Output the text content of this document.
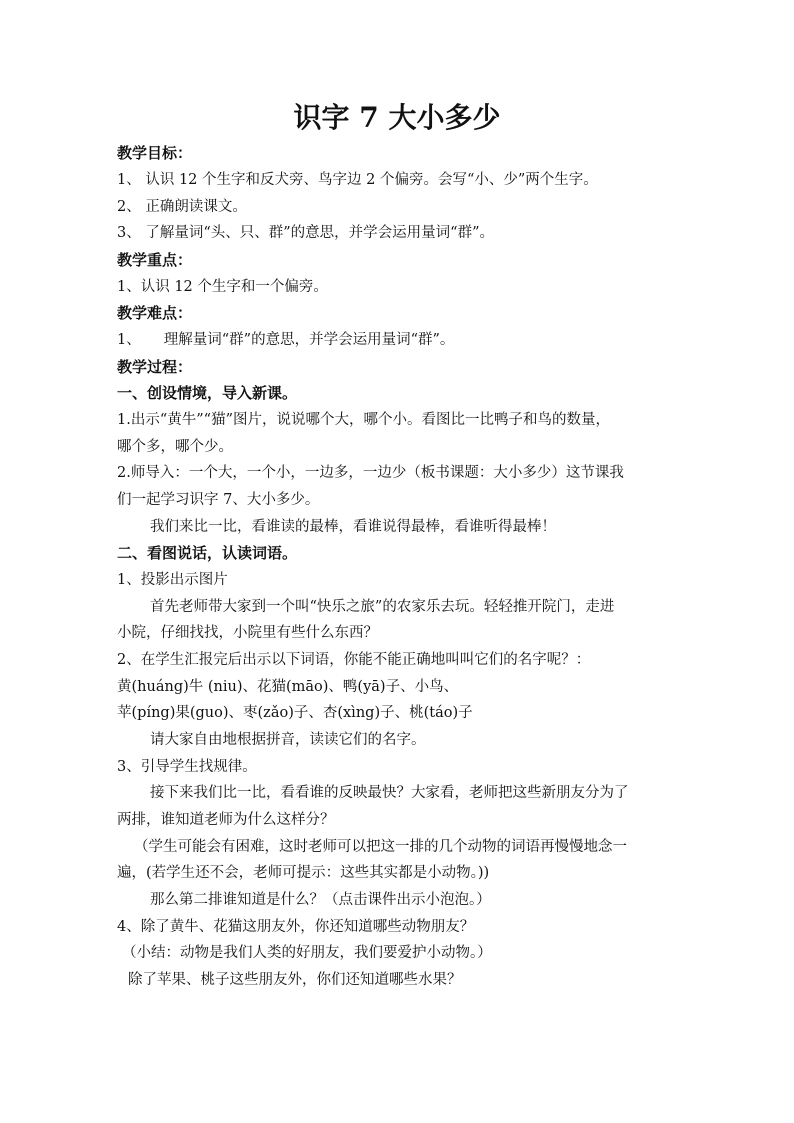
识字 7 大小多少
教学目标：
1、 认识 12 个生字和反犬旁、鸟字边 2 个偏旁。会写“小、少”两个生字。
2、 正确朗读课文。
3、 了解量词“头、只、群”的意思，并学会运用量词“群”。
教学重点：
1、认识 12 个生字和一个偏旁。
教学难点：
1、     理解量词“群”的意思，并学会运用量词“群”。
教学过程：
一、创设情境，导入新课。
1.出示“黄牛”“猫”图片，说说哪个大，哪个小。看图比一比鸭子和鸟的数量，
哪个多，哪个少。
2.师导入：一个大，一个小，一边多，一边少（板书课题：大小多少）这节课我
们一起学习识字 7、大小多少。
我们来比一比，看谁读的最棒，看谁说得最棒，看谁听得最棒！
二、看图说话，认读词语。
1、投影出示图片
首先老师带大家到一个叫“快乐之旅”的农家乐去玩。轻轻推开院门，走进
小院，仔细找找，小院里有些什么东西？
2、在学生汇报完后出示以下词语，你能不能正确地叫叫它们的名字呢？：
黄(huáng)牛 (niu)、花猫(māo)、鸭(yā)子、小鸟、
苹(píng)果(guo)、枣(zǎo)子、杏(xìng)子、桃(táo)子
请大家自由地根据拼音，读读它们的名字。
3、引导学生找规律。
接下来我们比一比，看看谁的反映最快？大家看，老师把这些新朋友分为了
两排，谁知道老师为什么这样分？
（学生可能会有困难，这时老师可以把这一排的几个动物的词语再慢慢地念一
遍，(若学生还不会，老师可提示：这些其实都是小动物。))
那么第二排谁知道是什么？（点击课件出示小泡泡。）
4、除了黄牛、花猫这朋友外，你还知道哪些动物朋友？
（小结：动物是我们人类的好朋友，我们要爱护小动物。）
除了苹果、桃子这些朋友外，你们还知道哪些水果？
